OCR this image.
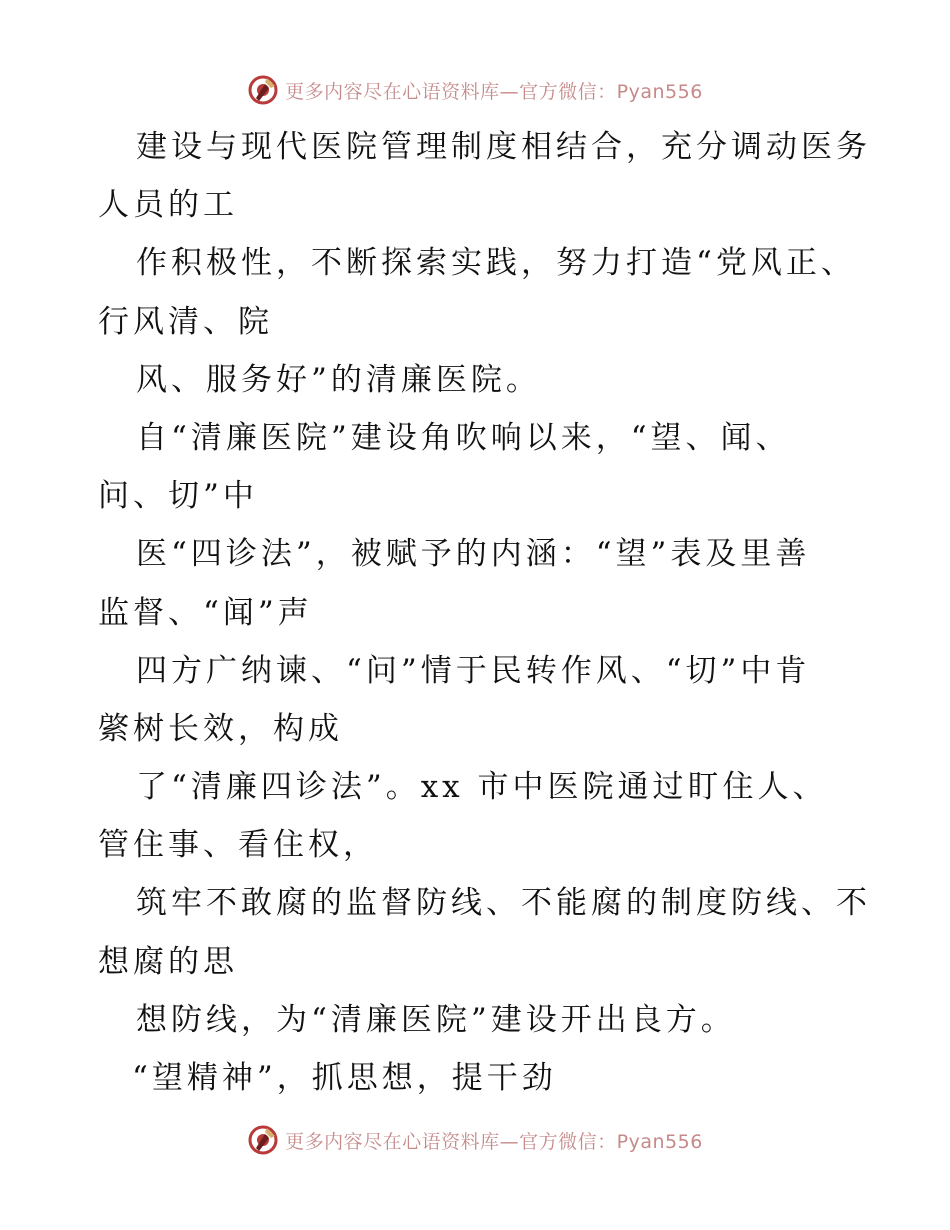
更多内容尽在心语资料库—官方微信：Pyan556
建设与现代医院管理制度相结合，充分调动医务
人员的工
作积极性，不断探索实践，努力打造“党风正、
行风清、院
风、服务好”的清廉医院。
自“清廉医院”建设角吹响以来，“望、闻、
问、切”中
医“四诊法”，被赋予的内涵：“望”表及里善
监督、“闻”声
四方广纳谏、“问”情于民转作风、“切”中肯
綮树长效，构成
了“清廉四诊法”。xx 市中医院通过盯住人、
管住事、看住权，
筑牢不敢腐的监督防线、不能腐的制度防线、不
想腐的思
想防线，为“清廉医院”建设开出良方。
“望精神”，抓思想，提干劲
更多内容尽在心语资料库—官方微信：Pyan556
